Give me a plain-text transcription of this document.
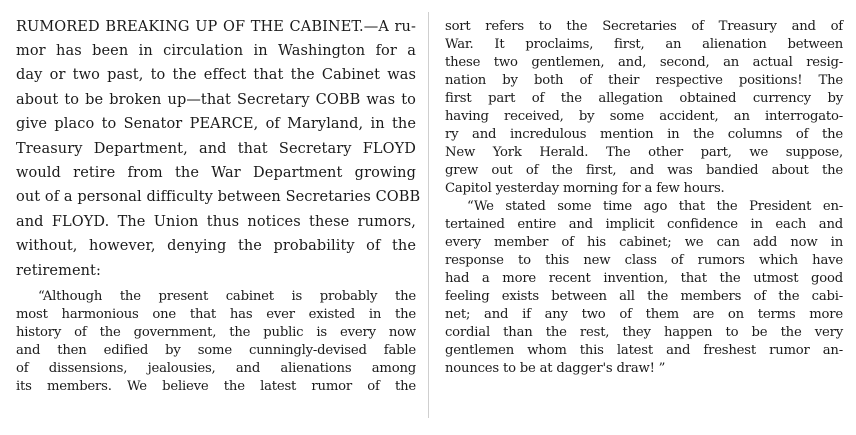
RUMORED BREAKING UP OF THE CABINET.—A ru-
mor has been in circulation in Washington for a
day or two past, to the effect that the Cabinet was
about to be broken up—that Secretary COBB was to
give placo to Senator PEARCE, of Maryland, in the
Treasury Department, and that Secretary FLOYD
would retire from the War Department growing
out of a personal difficulty between Secretaries COBB
and FLOYD. The Union thus notices these rumors,
without, however, denying the probability of the
retirement:
“Although the present cabinet is probably the
most harmonious one that has ever existed in the
history of the government, the public is every now
and then edified by some cunningly-devised fable
of dissensions, jealousies, and alienations among
its members. We believe the latest rumor of the
sort refers to the Secretaries of Treasury and of
War. It proclaims, first, an alienation between
these two gentlemen, and, second, an actual resig-
nation by both of their respective positions! The
first part of the allegation obtained currency by
having received, by some accident, an interrogato-
ry and incredulous mention in the columns of the
New York Herald. The other part, we suppose,
grew out of the first, and was bandied about the
Capitol yesterday morning for a few hours.
“We stated some time ago that the President en-
tertained entire and implicit confidence in each and
every member of his cabinet; we can add now in
response to this new class of rumors which have
had a more recent invention, that the utmost good
feeling exists between all the members of the cabi-
net; and if any two of them are on terms more
cordial than the rest, they happen to be the very
gentlemen whom this latest and freshest rumor an-
nounces to be at dagger's draw! ”
